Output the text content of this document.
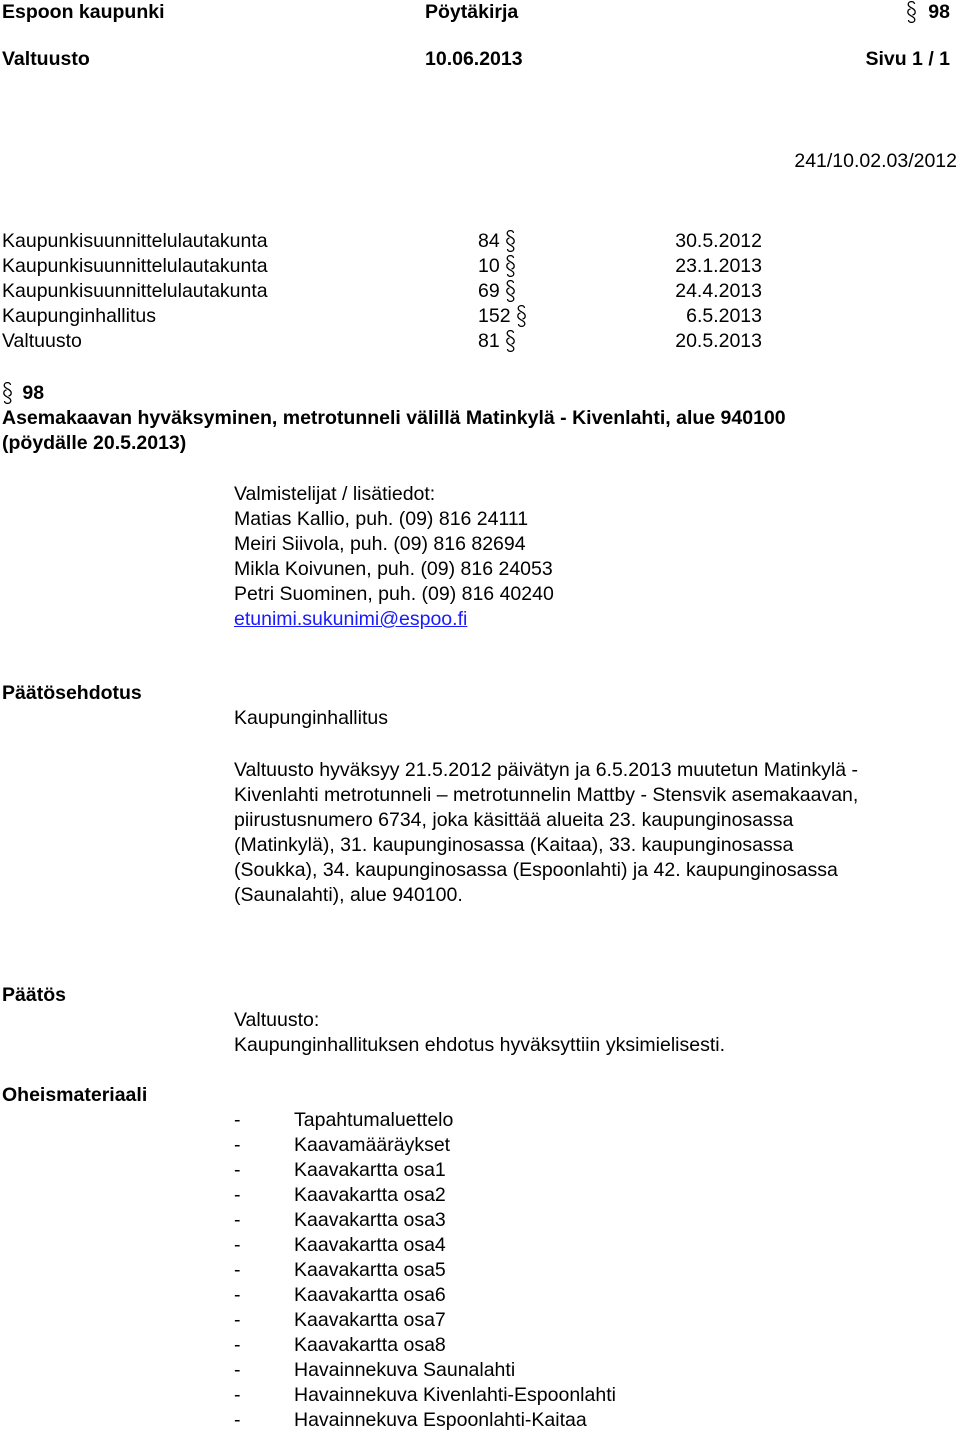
Espoon kaupunki	Pöytäkirja	98
Valtuusto	10.06.2013	Sivu 1 / 1
241/10.02.03/2012
Kaupunkisuunnittelulautakunta	84	30.5.2012
Kaupunkisuunnittelulautakunta	10	23.1.2013
Kaupunkisuunnittelulautakunta	69	24.4.2013
Kaupunginhallitus	152	6.5.2013
Valtuusto	81	20.5.2013
98
Asemakaavan hyväksyminen, metrotunneli välillä Matinkylä - Kivenlahti, alue 940100
(pöydälle 20.5.2013)
Valmistelijat / lisätiedot:
Matias Kallio, puh. (09) 816 24111
Meiri Siivola, puh. (09) 816 82694
Mikla Koivunen, puh. (09) 816 24053
Petri Suominen, puh. (09) 816 40240
etunimi.sukunimi@espoo.fi
Päätösehdotus
Kaupunginhallitus
Valtuusto hyväksyy 21.5.2012 päivätyn ja 6.5.2013 muutetun Matinkylä -
Kivenlahti metrotunneli – metrotunnelin Mattby - Stensvik asemakaavan,
piirustusnumero 6734, joka käsittää alueita 23. kaupunginosassa
(Matinkylä), 31. kaupunginosassa (Kaitaa), 33. kaupunginosassa
(Soukka), 34. kaupunginosassa (Espoonlahti) ja 42. kaupunginosassa
(Saunalahti), alue 940100.
Päätös
Valtuusto:
Kaupunginhallituksen ehdotus hyväksyttiin yksimielisesti.
Oheismateriaali
-	Tapahtumaluettelo
-	Kaavamääräykset
-	Kaavakartta osa1
-	Kaavakartta osa2
-	Kaavakartta osa3
-	Kaavakartta osa4
-	Kaavakartta osa5
-	Kaavakartta osa6
-	Kaavakartta osa7
-	Kaavakartta osa8
-	Havainnekuva Saunalahti
-	Havainnekuva Kivenlahti-Espoonlahti
-	Havainnekuva Espoonlahti-Kaitaa
